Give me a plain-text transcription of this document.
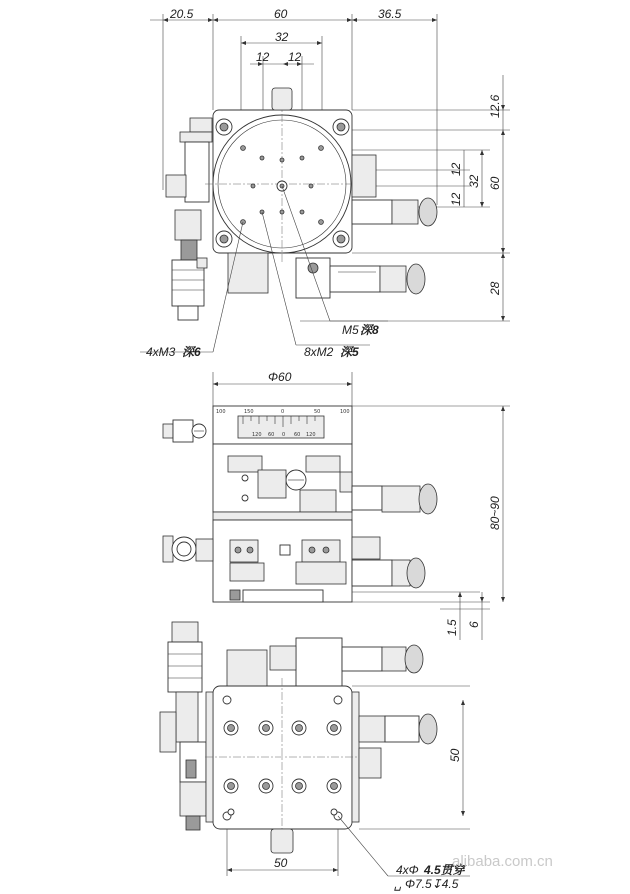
20.5	60	36.5
32
12 12
12.6
12
12
32 60
28
M5 深8
4xM3 深6	8xM2 深5
Φ60
100	150	0	50	100
120 60 0 60 120
80~90
1.5 6
50
50	4xΦ 4.5贯穿
␣ Φ7.5↧4.5
alibaba.com.cn
